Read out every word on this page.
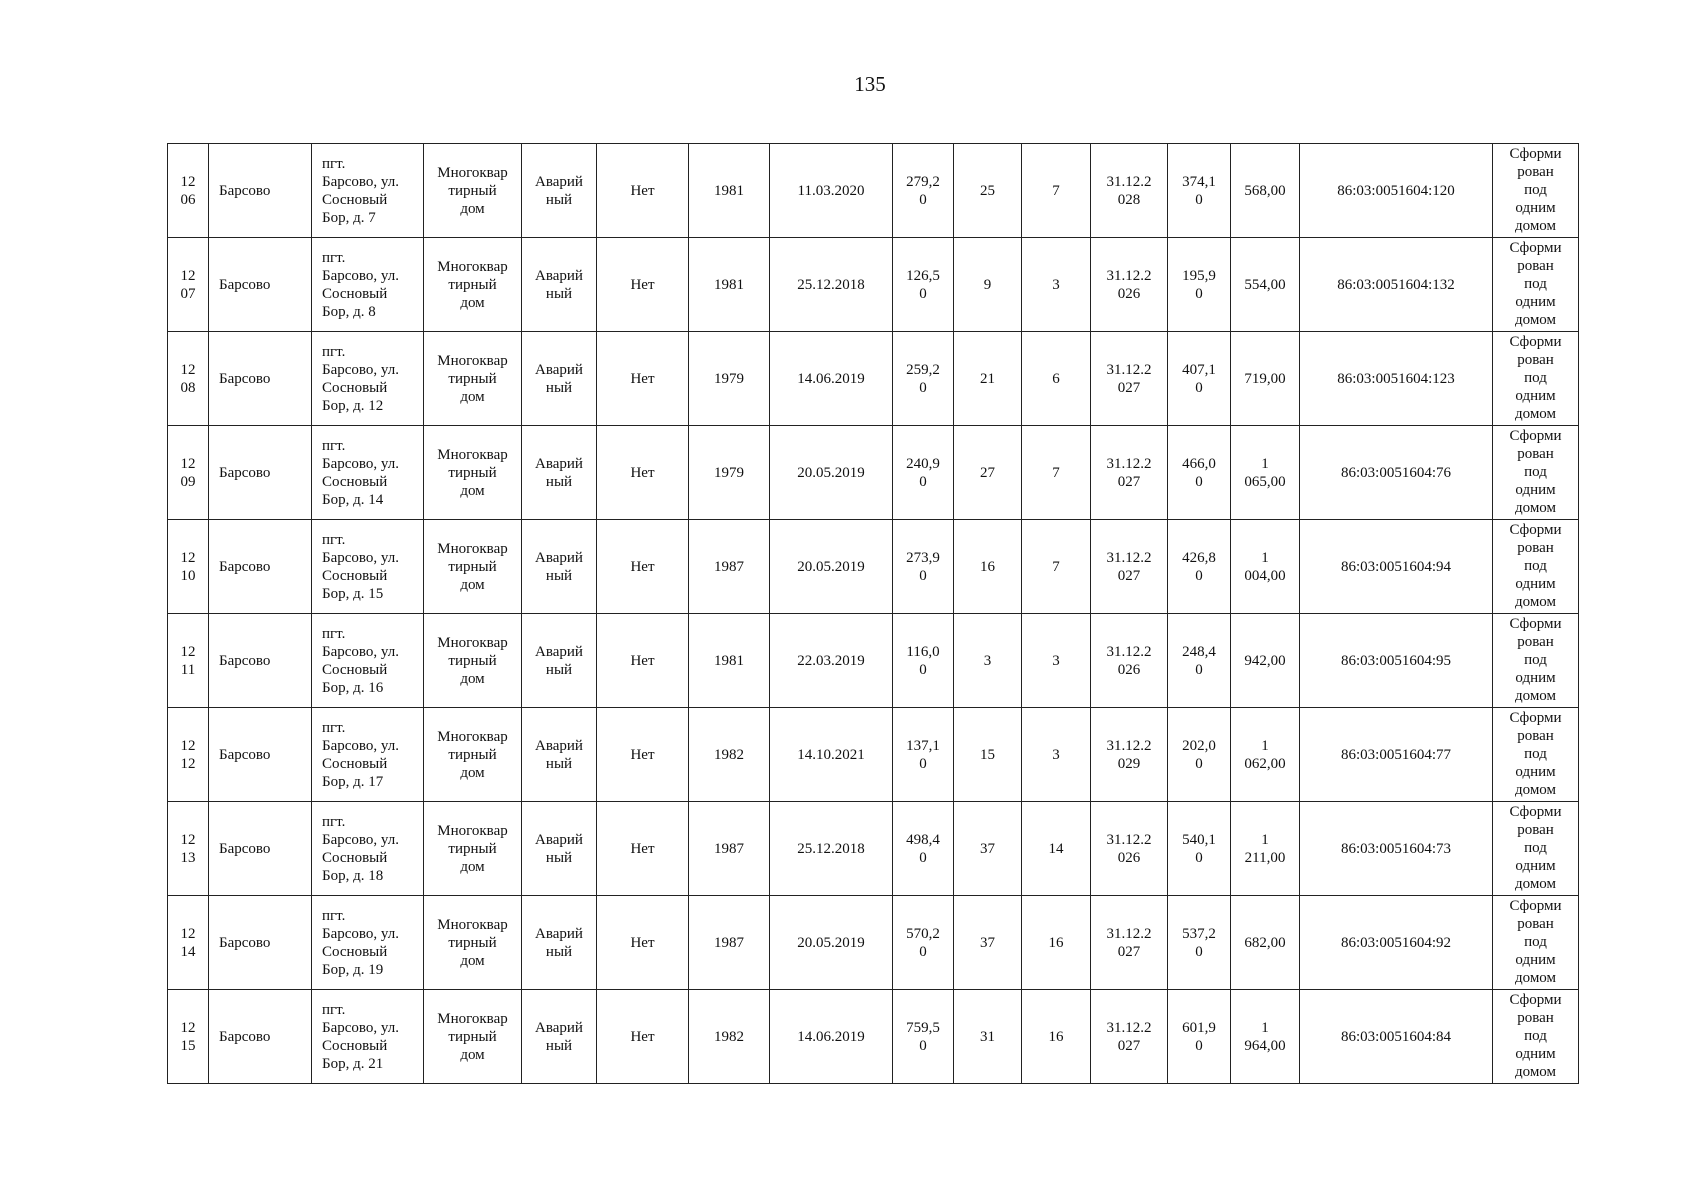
135
12
06	Барсово	пгт.
Барсово, ул.
Сосновый
Бор, д. 7	Многоквар
тирный
дом	Аварий
ный	Нет	1981	11.03.2020	279,2
0	25	7	31.12.2
028	374,1
0	568,00	86:03:0051604:120	Сформи
рован
под
одним
домом

12
07	Барсово	пгт.
Барсово, ул.
Сосновый
Бор, д. 8	Многоквар
тирный
дом	Аварий
ный	Нет	1981	25.12.2018	126,5
0	9	3	31.12.2
026	195,9
0	554,00	86:03:0051604:132	Сформи
рован
под
одним
домом

12
08	Барсово	пгт.
Барсово, ул.
Сосновый
Бор, д. 12	Многоквар
тирный
дом	Аварий
ный	Нет	1979	14.06.2019	259,2
0	21	6	31.12.2
027	407,1
0	719,00	86:03:0051604:123	Сформи
рован
под
одним
домом

12
09	Барсово	пгт.
Барсово, ул.
Сосновый
Бор, д. 14	Многоквар
тирный
дом	Аварий
ный	Нет	1979	20.05.2019	240,9
0	27	7	31.12.2
027	466,0
0	1
065,00	86:03:0051604:76	Сформи
рован
под
одним
домом

12
10	Барсово	пгт.
Барсово, ул.
Сосновый
Бор, д. 15	Многоквар
тирный
дом	Аварий
ный	Нет	1987	20.05.2019	273,9
0	16	7	31.12.2
027	426,8
0	1
004,00	86:03:0051604:94	Сформи
рован
под
одним
домом

12
11	Барсово	пгт.
Барсово, ул.
Сосновый
Бор, д. 16	Многоквар
тирный
дом	Аварий
ный	Нет	1981	22.03.2019	116,0
0	3	3	31.12.2
026	248,4
0	942,00	86:03:0051604:95	Сформи
рован
под
одним
домом

12
12	Барсово	пгт.
Барсово, ул.
Сосновый
Бор, д. 17	Многоквар
тирный
дом	Аварий
ный	Нет	1982	14.10.2021	137,1
0	15	3	31.12.2
029	202,0
0	1
062,00	86:03:0051604:77	Сформи
рован
под
одним
домом

12
13	Барсово	пгт.
Барсово, ул.
Сосновый
Бор, д. 18	Многоквар
тирный
дом	Аварий
ный	Нет	1987	25.12.2018	498,4
0	37	14	31.12.2
026	540,1
0	1
211,00	86:03:0051604:73	Сформи
рован
под
одним
домом

12
14	Барсово	пгт.
Барсово, ул.
Сосновый
Бор, д. 19	Многоквар
тирный
дом	Аварий
ный	Нет	1987	20.05.2019	570,2
0	37	16	31.12.2
027	537,2
0	682,00	86:03:0051604:92	Сформи
рован
под
одним
домом

12
15	Барсово	пгт.
Барсово, ул.
Сосновый
Бор, д. 21	Многоквар
тирный
дом	Аварий
ный	Нет	1982	14.06.2019	759,5
0	31	16	31.12.2
027	601,9
0	1
964,00	86:03:0051604:84	Сформи
рован
под
одним
домом
